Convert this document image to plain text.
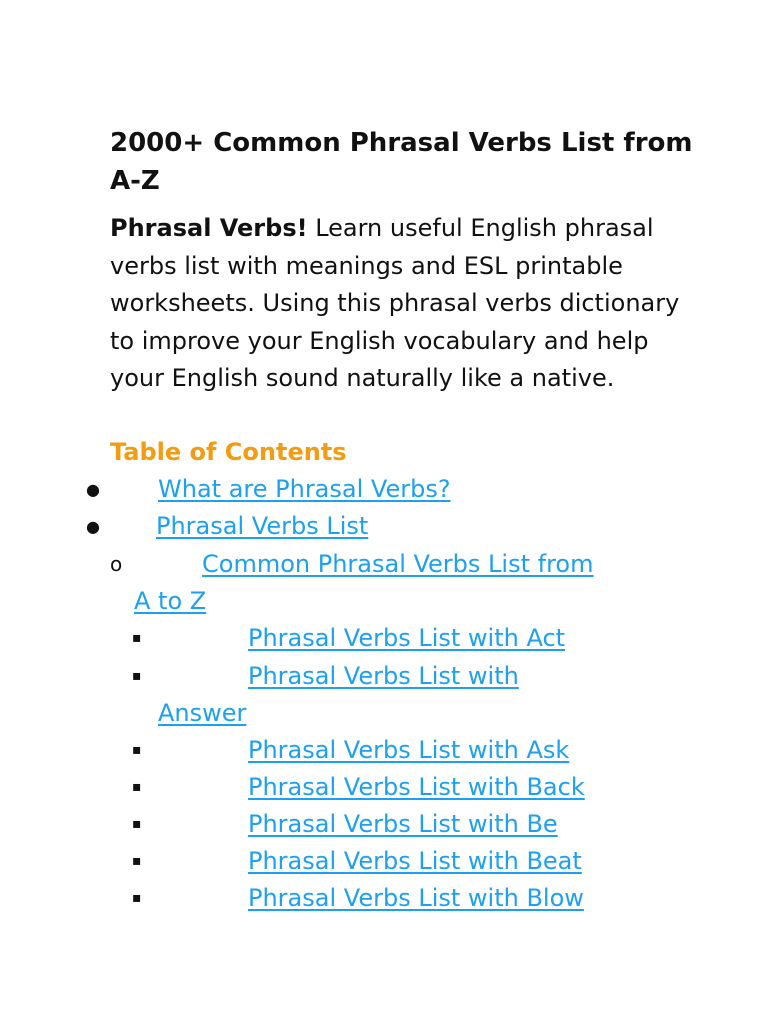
2000+ Common Phrasal Verbs List from A-Z

Phrasal Verbs! Learn useful English phrasal verbs list with meanings and ESL printable worksheets. Using this phrasal verbs dictionary to improve your English vocabulary and help your English sound naturally like a native.

Table of Contents
● What are Phrasal Verbs?
● Phrasal Verbs List
o	Common Phrasal Verbs List from
A to Z
▪	Phrasal Verbs List with Act
▪	Phrasal Verbs List with
Answer
▪	Phrasal Verbs List with Ask
▪	Phrasal Verbs List with Back
▪	Phrasal Verbs List with Be
▪	Phrasal Verbs List with Beat
▪	Phrasal Verbs List with Blow
